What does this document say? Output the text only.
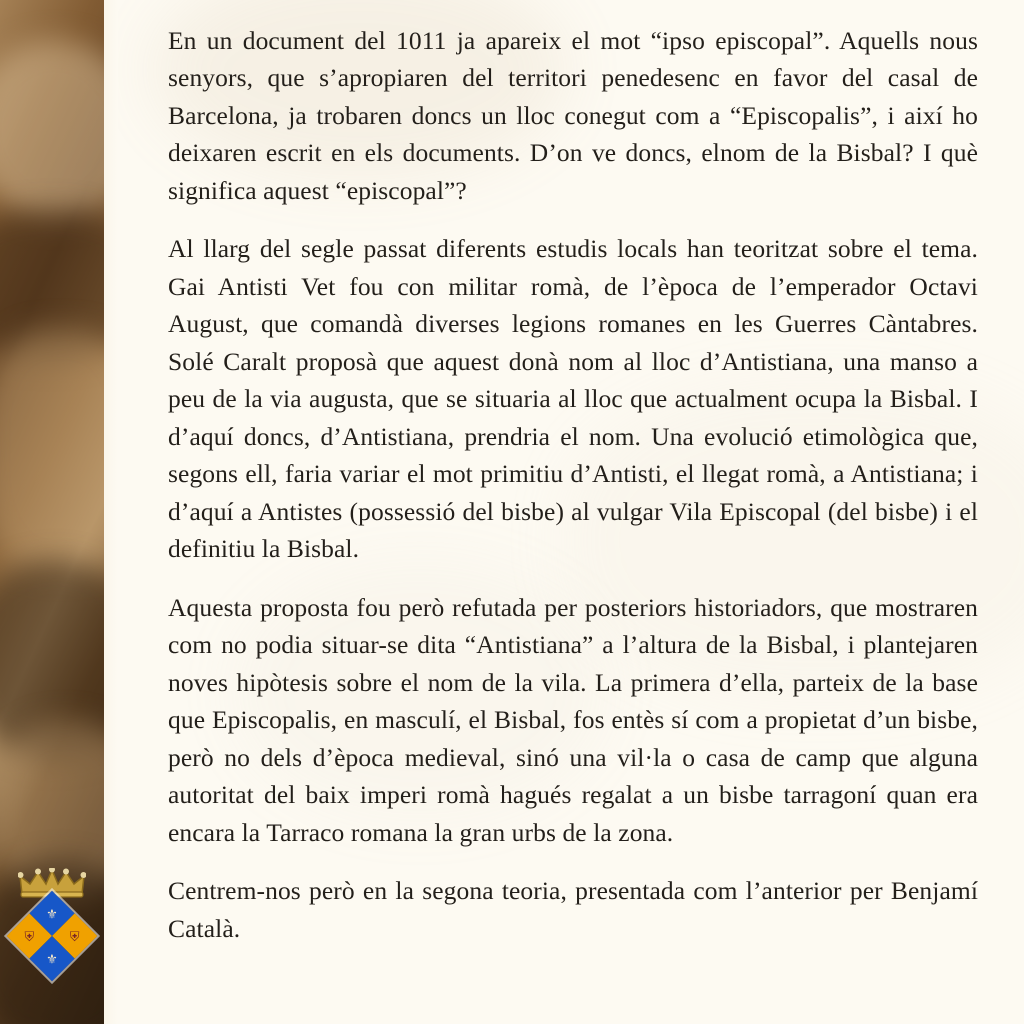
⚜
⛨
⛨
⚜

En un document del 1011 ja apareix el mot “ipso episcopal”. Aquells nous senyors, que s’apropiaren del territori penedesenc en favor del casal de Barcelona, ja trobaren doncs un lloc conegut com a “Episcopalis”, i així ho deixaren escrit en els documents. D’on ve doncs, elnom de la Bisbal? I què significa aquest “episcopal”?

Al llarg del segle passat diferents estudis locals han teoritzat sobre el tema. Gai Antisti Vet fou con militar romà, de l’època de l’emperador Octavi August, que comandà diverses legions romanes en les Guerres Càntabres. Solé Caralt proposà que aquest donà nom al lloc d’Antistiana, una manso a peu de la via augusta, que se situaria al lloc que actualment ocupa la Bisbal. I d’aquí doncs, d’Antistiana, prendria el nom. Una evolució etimològica que, segons ell, faria variar el mot primitiu d’Antisti, el llegat romà, a Antistiana; i d’aquí a Antistes (possessió del bisbe) al vulgar Vila Episcopal (del bisbe) i el definitiu la Bisbal.

Aquesta proposta fou però refutada per posteriors historiadors, que mostraren com no podia situar-se dita “Antistiana” a l’altura de la Bisbal, i plantejaren noves hipòtesis sobre el nom de la vila. La primera d’ella, parteix de la base que Episcopalis, en masculí, el Bisbal, fos entès sí com a propietat d’un bisbe, però no dels d’època medieval, sinó una vil·la o casa de camp que alguna autoritat del baix imperi romà hagués regalat a un bisbe tarragoní quan era encara la Tarraco romana la gran urbs de la zona.

Centrem-nos però en la segona teoria, presentada com l’anterior per Benjamí Català.
